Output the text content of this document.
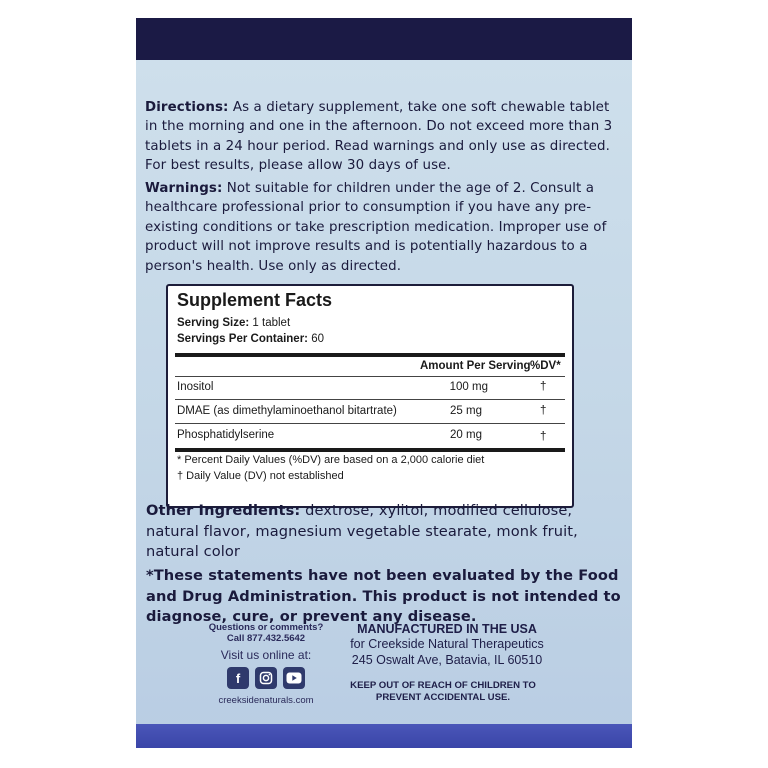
Directions: As a dietary supplement, take one soft chewable tablet in the morning and one in the afternoon. Do not exceed more than 3 tablets in a 24 hour period. Read warnings and only use as directed. For best results, please allow 30 days of use.

Warnings: Not suitable for children under the age of 2. Consult a healthcare professional prior to consumption if you have any pre-existing conditions or take prescription medication. Improper use of product will not improve results and is potentially hazardous to a person's health. Use only as directed.

Supplement Facts
Serving Size: 1 tablet
Servings Per Container: 60
Amount Per Serving %DV*
Inositol	100 mg	†
DMAE (as dimethylaminoethanol bitartrate)	25 mg	†
Phosphatidylserine	20 mg	†
* Percent Daily Values (%DV) are based on a 2,000 calorie diet
† Daily Value (DV) not established

Other Ingredients: dextrose, xylitol, modified cellulose, natural flavor, magnesium vegetable stearate, monk fruit, natural color

*These statements have not been evaluated by the Food and Drug Administration. This product is not intended to diagnose, cure, or prevent any disease.

Questions or comments?
Call 877.432.5642
Visit us online at:
f
creeksidenaturals.com
MANUFACTURED IN THE USA
for Creekside Natural Therapeutics
245 Oswalt Ave, Batavia, IL 60510
KEEP OUT OF REACH OF CHILDREN TO PREVENT ACCIDENTAL USE.
